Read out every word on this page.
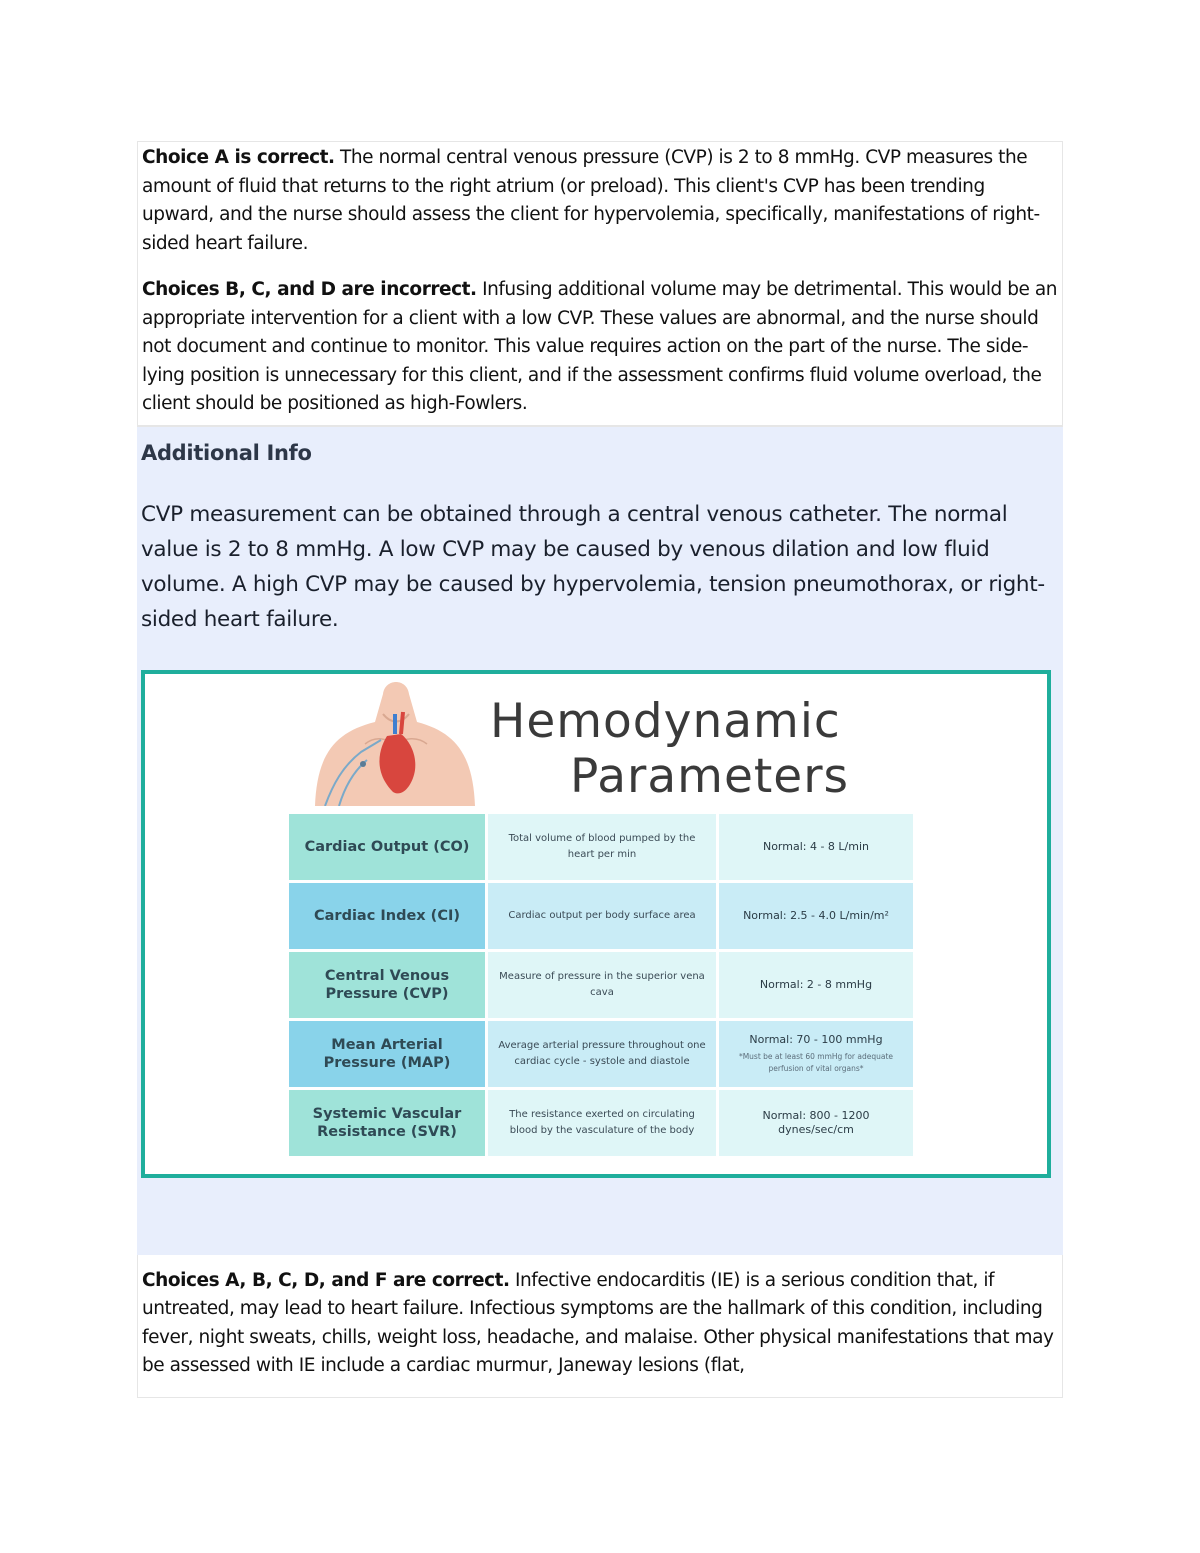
Choice A is correct. The normal central venous pressure (CVP) is 2 to 8 mmHg. CVP measures the amount of fluid that returns to the right atrium (or preload). This client's CVP has been trending upward, and the nurse should assess the client for hypervolemia, specifically, manifestations of right-sided heart failure.

Choices B, C, and D are incorrect. Infusing additional volume may be detrimental. This would be an appropriate intervention for a client with a low CVP. These values are abnormal, and the nurse should not document and continue to monitor. This value requires action on the part of the nurse. The side-lying position is unnecessary for this client, and if the assessment confirms fluid volume overload, the client should be positioned as high-Fowlers.

Additional Info

CVP measurement can be obtained through a central venous catheter. The normal value is 2 to 8 mmHg. A low CVP may be caused by venous dilation and low fluid volume. A high CVP may be caused by hypervolemia, tension pneumothorax, or right-sided heart failure.

Hemodynamic
Parameters
Cardiac Output (CO)	Total volume of blood pumped by the heart per min	Normal: 4 - 8 L/min
Cardiac Index (CI)	Cardiac output per body surface area	Normal: 2.5 - 4.0 L/min/m²
Central Venous Pressure (CVP)	Measure of pressure in the superior vena cava	Normal: 2 - 8 mmHg
Mean Arterial Pressure (MAP)	Average arterial pressure throughout one cardiac cycle - systole and diastole	Normal: 70 - 100 mmHg
*Must be at least 60 mmHg for adequate perfusion of vital organs*

Systemic Vascular Resistance (SVR)	The resistance exerted on circulating blood by the vasculature of the body	Normal: 800 - 1200 dynes/sec/cm

Choices A, B, C, D, and F are correct. Infective endocarditis (IE) is a serious condition that, if untreated, may lead to heart failure. Infectious symptoms are the hallmark of this condition, including fever, night sweats, chills, weight loss, headache, and malaise. Other physical manifestations that may be assessed with IE include a cardiac murmur, Janeway lesions (flat,
